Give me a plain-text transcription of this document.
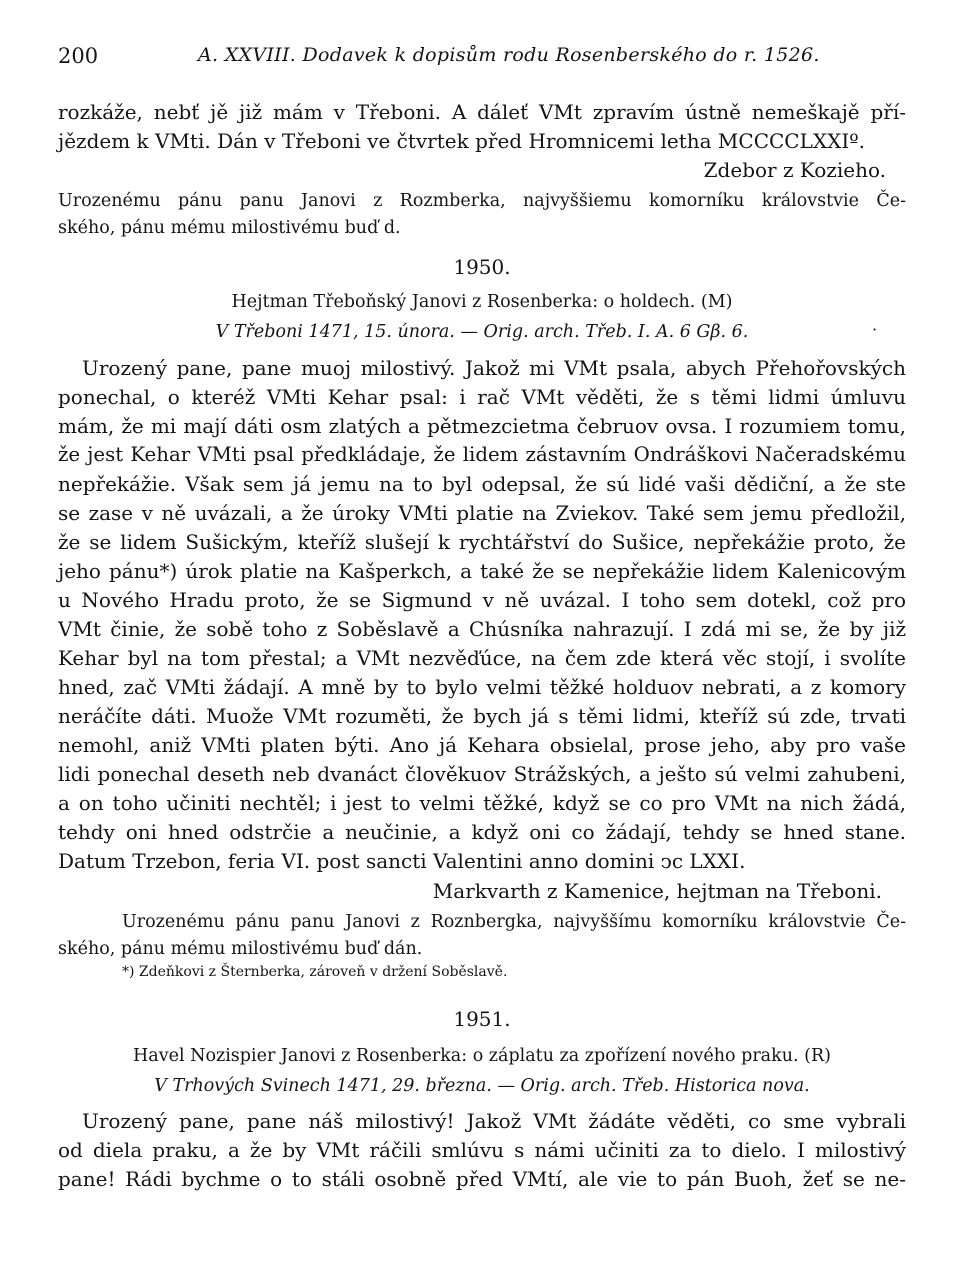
200	A. XXVIII. Dodavek k dopisům rodu Rosenberského do r. 1526.
rozkáže, nebť jě již mám v Třeboni. A dáleť VMt zpravím ústně nemeškajě pří-
jězdem k VMti. Dán v Třeboni ve čtvrtek před Hromnicemi letha MCCCCLXXIº.
Zdebor z Kozieho.
Urozenému pánu panu Janovi z Rozmberka, najvyššiemu komorníku královstvie Če-
ského, pánu mému milostivému buď d.
1950.
Hejtman Třeboňský Janovi z Rosenberka: o holdech. (M)
V Třeboni 1471, 15. února. — Orig. arch. Třeb. I. A. 6 Gβ. 6.	·
Urozený pane, pane muoj milostivý. Jakož mi VMt psala, abych Přehořovských
ponechal, o kteréž VMti Kehar psal: i rač VMt věděti, že s těmi lidmi úmluvu
mám, že mi mají dáti osm zlatých a pětmezcietma čebruov ovsa. I rozumiem tomu,
že jest Kehar VMti psal předkládaje, že lidem zástavním Ondráškovi Načeradskému
nepřekážie. Však sem já jemu na to byl odepsal, že sú lidé vaši dědiční, a že ste
se zase v ně uvázali, a že úroky VMti platie na Zviekov. Také sem jemu předložil,
že se lidem Sušickým, kteříž slušejí k rychtářství do Sušice, nepřekážie proto, že
jeho pánu*) úrok platie na Kašperkch, a také že se nepřekážie lidem Kalenicovým
u Nového Hradu proto, že se Sigmund v ně uvázal. I toho sem dotekl, což pro
VMt činie, že sobě toho z Soběslavě a Chúsníka nahrazují. I zdá mi se, že by již
Kehar byl na tom přestal; a VMt nezvěďúce, na čem zde která věc stojí, i svolíte
hned, zač VMti žádají. A mně by to bylo velmi těžké holduov nebrati, a z komory
neráčíte dáti. Muože VMt rozuměti, že bych já s těmi lidmi, kteříž sú zde, trvati
nemohl, aniž VMti platen býti. Ano já Kehara obsielal, prose jeho, aby pro vaše
lidi ponechal deseth neb dvanáct člověkuov Strážských, a ješto sú velmi zahubeni,
a on toho učiniti nechtěl; i jest to velmi těžké, když se co pro VMt na nich žádá,
tehdy oni hned odstrčie a neučinie, a když oni co žádají, tehdy se hned stane.
Datum Trzebon, feria VI. post sancti Valentini anno domini ↄc LXXI.
Markvarth z Kamenice, hejtman na Třeboni.
Urozenému pánu panu Janovi z Roznbergka, najvyššímu komorníku královstvie Če-
ského, pánu mému milostivému buď dán.
*) Zdeňkovi z Šternberka, zároveň v držení Soběslavě.
1951.
Havel Nozispier Janovi z Rosenberka: o záplatu za zpořízení nového praku. (R)
V Trhových Svinech 1471, 29. března. — Orig. arch. Třeb. Historica nova.
Urozený pane, pane náš milostivý! Jakož VMt žádáte věděti, co sme vybrali
od diela praku, a že by VMt ráčili smlúvu s námi učiniti za to dielo. I milostivý
pane! Rádi bychme o to stáli osobně před VMtí, ale vie to pán Buoh, žeť se ne-
